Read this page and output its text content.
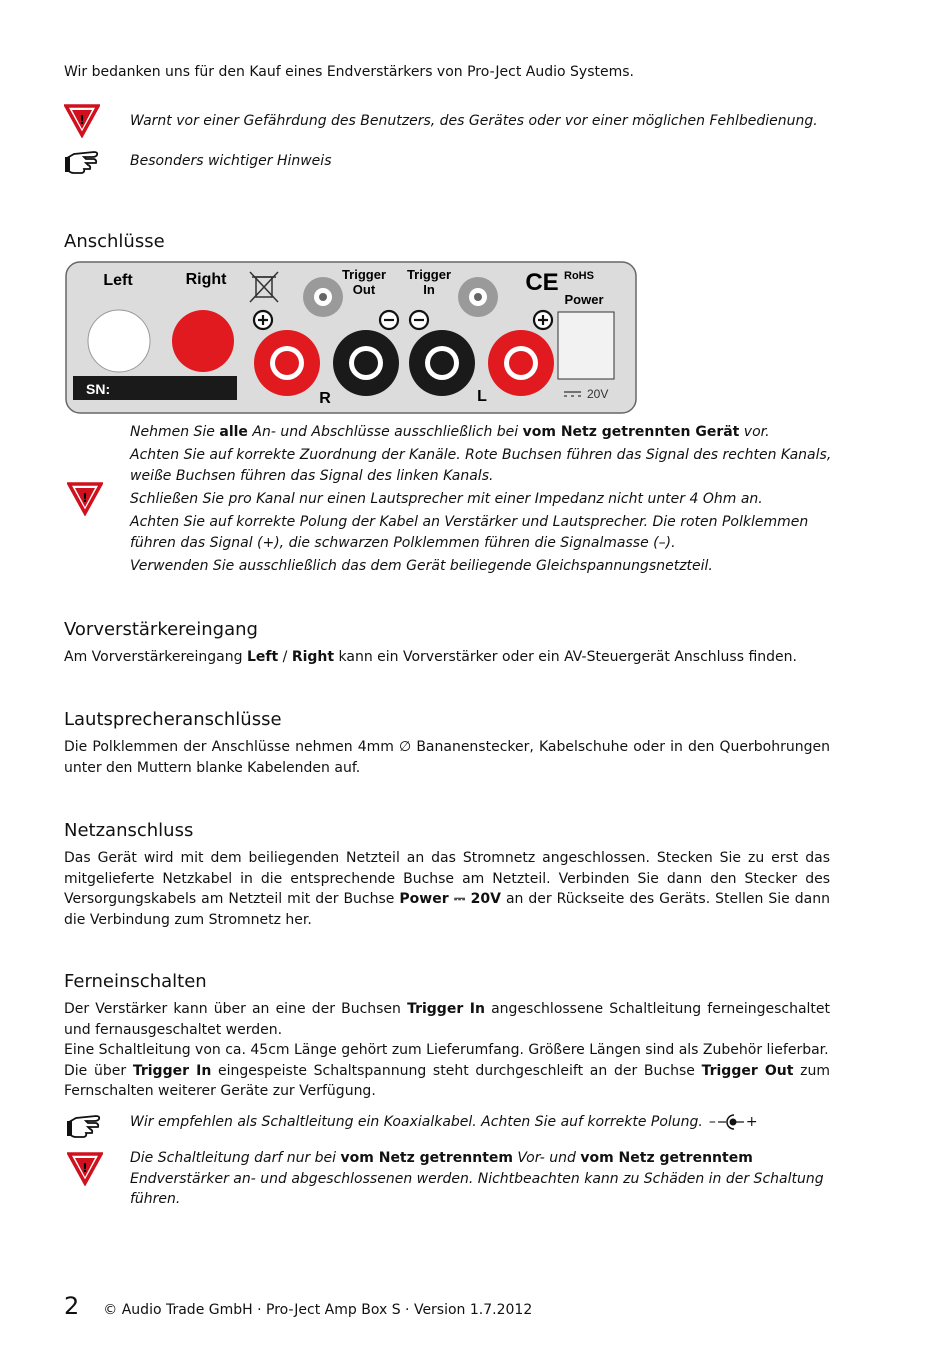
Wir bedanken uns für den Kauf eines Endverstärkers von Pro-Ject Audio Systems.

!	Warnt vor einer Gefährdung des Benutzers, des Gerätes oder vor einer möglichen Fehlbedienung.
Besonders wichtiger Hinweis
Anschlüsse
Left	Right	Trigger
Out
Trigger
In	CE RoHS
Power
R	L
SN:	20V
!

Nehmen Sie alle An- und Abschlüsse ausschließlich bei vom Netz getrennten Gerät vor.

Achten Sie auf korrekte Zuordnung der Kanäle. Rote Buchsen führen das Signal des rechten Kanals, weiße Buchsen führen das Signal des linken Kanals.

Schließen Sie pro Kanal nur einen Lautsprecher mit einer Impedanz nicht unter 4 Ohm an.

Achten Sie auf korrekte Polung der Kabel an Verstärker und Lautsprecher. Die roten Polklemmen führen das Signal (+), die schwarzen Polklemmen führen die Signalmasse (–).

Verwenden Sie ausschließlich das dem Gerät beiliegende Gleichspannungsnetzteil.

Vorverstärkereingang

Am Vorverstärkereingang Left / Right kann ein Vorverstärker oder ein AV-Steuergerät Anschluss finden.

Lautsprecheranschlüsse

Die Polklemmen der Anschlüsse nehmen 4mm ∅ Bananenstecker, Kabelschuhe oder in den Querbohrungen unter den Muttern blanke Kabelenden auf.

Netzanschluss

Das Gerät wird mit dem beiliegenden Netzteil an das Stromnetz angeschlossen. Stecken Sie zu erst das mitgelieferte Netzkabel in die entsprechende Buchse am Netzteil. Verbinden Sie dann den Stecker des Versorgungskabels am Netzteil mit der Buchse Power ⎓ 20V an der Rückseite des Geräts. Stellen Sie dann die Verbindung zum Stromnetz her.

Ferneinschalten

Der Verstärker kann über an eine der Buchsen Trigger In angeschlossene Schaltleitung ferneingeschaltet und fernausgeschaltet werden.

Eine Schaltleitung von ca. 45cm Länge gehört zum Lieferumfang. Größere Längen sind als Zubehör lieferbar.

Die über Trigger In eingespeiste Schaltspannung steht durchgeschleift an der Buchse Trigger Out zum Fernschalten weiterer Geräte zur Verfügung.

Wir empfehlen als Schaltleitung ein Koaxialkabel. Achten Sie auf korrekte Polung. – +
!

Die Schaltleitung darf nur bei vom Netz getrenntem Vor- und vom Netz getrenntem Endverstärker an- und abgeschlossenen werden. Nichtbeachten kann zu Schäden in der Schaltung führen.

2 © Audio Trade GmbH · Pro-Ject Amp Box S · Version 1.7.2012
